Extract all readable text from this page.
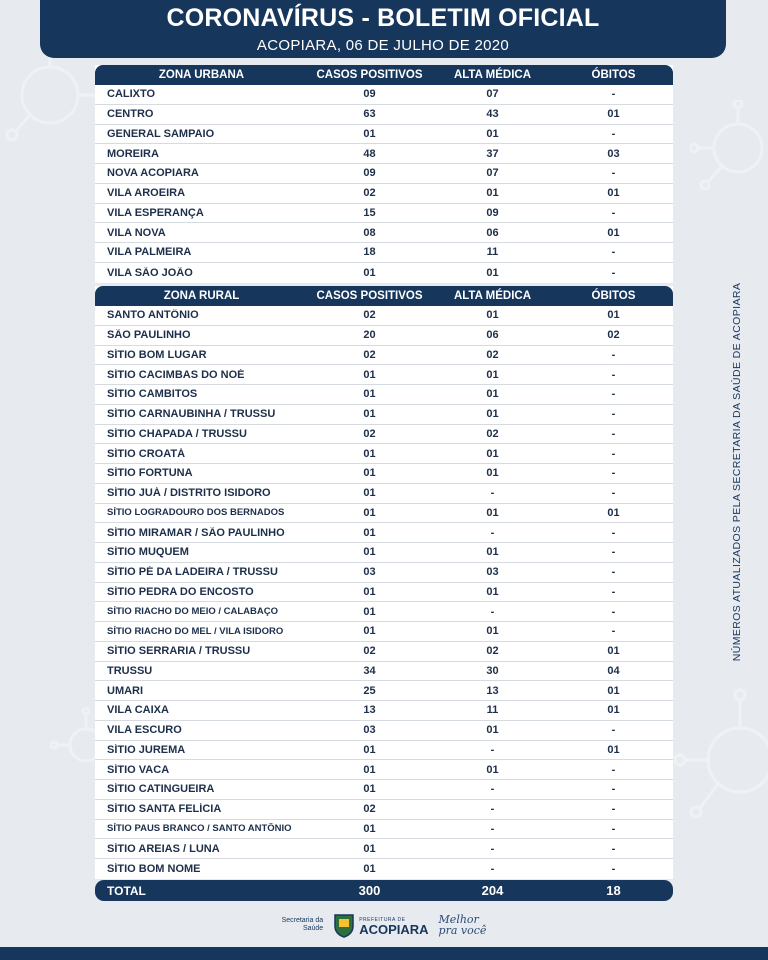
CORONAVÍRUS - BOLETIM OFICIAL
ACOPIARA, 06 DE JULHO DE 2020
ZONA URBANA	CASOS POSITIVOS	ALTA MÉDICA	ÓBITOS
CALIXTO	09	07	-
CENTRO	63	43	01
GENERAL SAMPAIO	01	01	-
MOREIRA	48	37	03
NOVA ACOPIARA	09	07	-
VILA AROEIRA	02	01	01
VILA ESPERANÇA	15	09	-
VILA NOVA	08	06	01
VILA PALMEIRA	18	11	-
VILA SÃO JOÃO	01	01	-
ZONA RURAL	CASOS POSITIVOS	ALTA MÉDICA	ÓBITOS
SANTO ANTÔNIO	02	01	01
SÃO PAULINHO	20	06	02
SÍTIO BOM LUGAR	02	02	-
SÍTIO CACIMBAS DO NOÉ	01	01	-
SÍTIO CAMBITOS	01	01	-
SÍTIO CARNAUBINHA / TRUSSU	01	01	-
SÍTIO CHAPADA / TRUSSU	02	02	-
SÍTIO CROATÁ	01	01	-
SÍTIO FORTUNA	01	01	-
SÍTIO JUÁ / DISTRITO ISIDORO	01	-	-
SÍTIO LOGRADOURO DOS BERNADOS	01	01	01
SÍTIO MIRAMAR / SÃO PAULINHO	01	-	-
SÍTIO MUQUEM	01	01	-
SÍTIO PÉ DA LADEIRA / TRUSSU	03	03	-
SÍTIO PEDRA DO ENCOSTO	01	01	-
SÍTIO RIACHO DO MEIO / CALABAÇO	01	-	-
SÍTIO RIACHO DO MEL / VILA ISIDORO	01	01	-
SÍTIO SERRARIA / TRUSSU	02	02	01
TRUSSU	34	30	04
UMARI	25	13	01
VILA CAIXA	13	11	01
VILA ESCURO	03	01	-
SÍTIO JUREMA	01	-	01
SÍTIO VACA	01	01	-
SÍTIO CATINGUEIRA	01	-	-
SÍTIO SANTA FELÍCIA	02	-	-
SÍTIO PAUS BRANCO / SANTO ANTÔNIO	01	-	-
SÍTIO AREIAS / LUNA	01	-	-
SÍTIO BOM NOME	01	-	-
TOTAL	300	204	18
NÚMEROS ATUALIZADOS PELA SECRETARIA DA SAÚDE DE ACOPIARA
Secretaria da
Saúde
PREFEITURA DE
ACOPIARA
Melhor
pra você
